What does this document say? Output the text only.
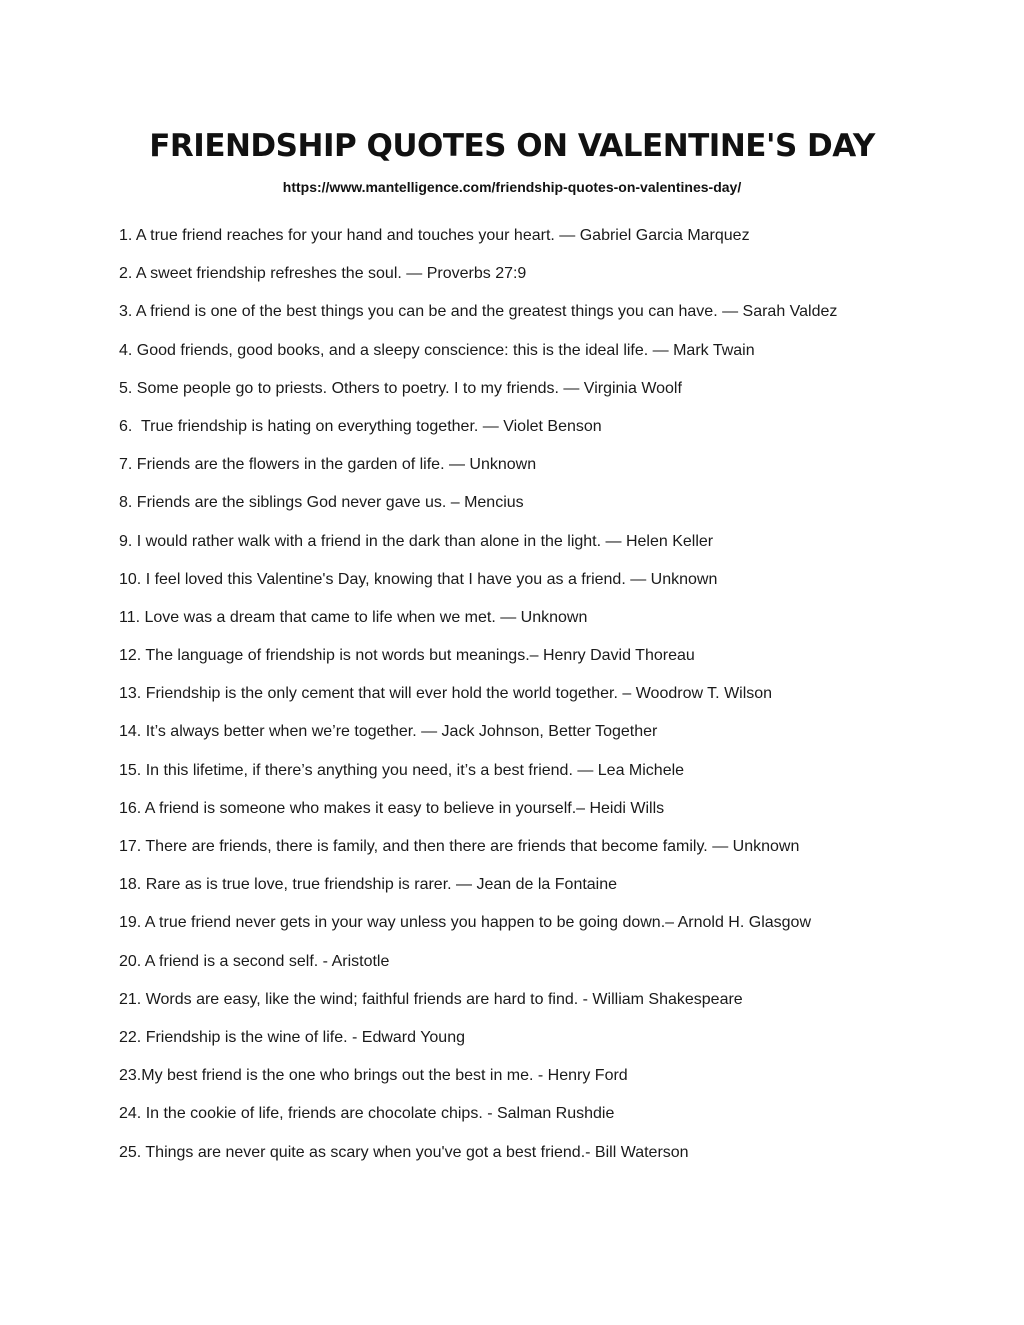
FRIENDSHIP QUOTES ON VALENTINE'S DAY
https://www.mantelligence.com/friendship-quotes-on-valentines-day/
1. A true friend reaches for your hand and touches your heart. — Gabriel Garcia Marquez
2. A sweet friendship refreshes the soul. — Proverbs 27:9
3. A friend is one of the best things you can be and the greatest things you can have. — Sarah Valdez
4. Good friends, good books, and a sleepy conscience: this is the ideal life. — Mark Twain
5. Some people go to priests. Others to poetry. I to my friends. — Virginia Woolf
6.  True friendship is hating on everything together. — Violet Benson
7. Friends are the flowers in the garden of life. — Unknown
8. Friends are the siblings God never gave us. – Mencius
9. I would rather walk with a friend in the dark than alone in the light. — Helen Keller
10. I feel loved this Valentine's Day, knowing that I have you as a friend. — Unknown
11. Love was a dream that came to life when we met. — Unknown
12. The language of friendship is not words but meanings.– Henry David Thoreau
13. Friendship is the only cement that will ever hold the world together. – Woodrow T. Wilson
14. It’s always better when we’re together. — Jack Johnson, Better Together
15. In this lifetime, if there’s anything you need, it’s a best friend. — Lea Michele
16. A friend is someone who makes it easy to believe in yourself.– Heidi Wills
17. There are friends, there is family, and then there are friends that become family. — Unknown
18. Rare as is true love, true friendship is rarer. — Jean de la Fontaine
19. A true friend never gets in your way unless you happen to be going down.– Arnold H. Glasgow
20. A friend is a second self. - Aristotle
21. Words are easy, like the wind; faithful friends are hard to find. - William Shakespeare
22. Friendship is the wine of life. - Edward Young
23.My best friend is the one who brings out the best in me. - Henry Ford
24. In the cookie of life, friends are chocolate chips. - Salman Rushdie
25. Things are never quite as scary when you've got a best friend.- Bill Waterson
